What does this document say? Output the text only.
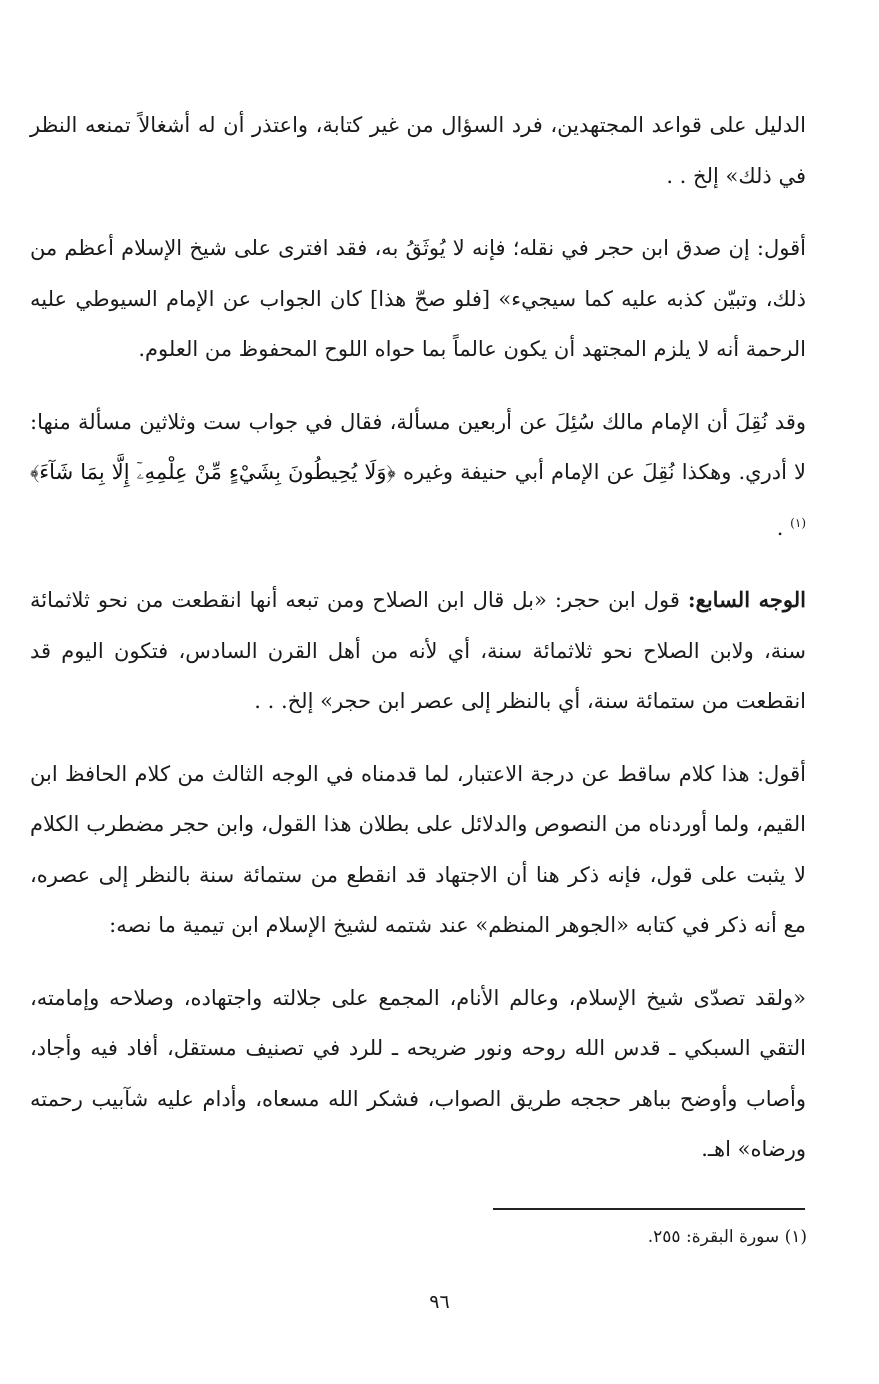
الدليل على قواعد المجتهدين، فرد السؤال من غير كتابة، واعتذر أن له أشغالاً تمنعه النظر في ذلك» إلخ . .

أقول: إن صدق ابن حجر في نقله؛ فإنه لا يُوثَقُ به، فقد افترى على شيخ الإسلام أعظم من ذلك، وتبيّن كذبه عليه كما سيجيء» [فلو صحّ هذا] كان الجواب عن الإمام السيوطي عليه الرحمة أنه لا يلزم المجتهد أن يكون عالماً بما حواه اللوح المحفوظ من العلوم.

وقد نُقِلَ أن الإمام مالك سُئِلَ عن أربعين مسألة، فقال في جواب ست وثلاثين مسألة منها: لا أدري. وهكذا نُقِلَ عن الإمام أبي حنيفة وغيره ﴿وَلَا يُحِيطُونَ بِشَيْءٍ مِّنْ عِلْمِهِۦٓ إِلَّا بِمَا شَآءَ﴾$^{(١)}$ .

الوجه السابع: قول ابن حجر: «بل قال ابن الصلاح ومن تبعه أنها انقطعت من نحو ثلاثمائة سنة، ولابن الصلاح نحو ثلاثمائة سنة، أي لأنه من أهل القرن السادس، فتكون اليوم قد انقطعت من ستمائة سنة، أي بالنظر إلى عصر ابن حجر» إلخ. . .

أقول: هذا كلام ساقط عن درجة الاعتبار، لما قدمناه في الوجه الثالث من كلام الحافظ ابن القيم، ولما أوردناه من النصوص والدلائل على بطلان هذا القول، وابن حجر مضطرب الكلام لا يثبت على قول، فإنه ذكر هنا أن الاجتهاد قد انقطع من ستمائة سنة بالنظر إلى عصره، مع أنه ذكر في كتابه «الجوهر المنظم» عند شتمه لشيخ الإسلام ابن تيمية ما نصه:

«ولقد تصدّى شيخ الإسلام، وعالم الأنام، المجمع على جلالته واجتهاده، وصلاحه وإمامته، التقي السبكي ـ قدس الله روحه ونور ضريحه ـ للرد في تصنيف مستقل، أفاد فيه وأجاد، وأصاب وأوضح بباهر حججه طريق الصواب، فشكر الله مسعاه، وأدام عليه شآبيب رحمته ورضاه» اهـ.

(١) سورة البقرة: ٢٥٥.
٩٦
